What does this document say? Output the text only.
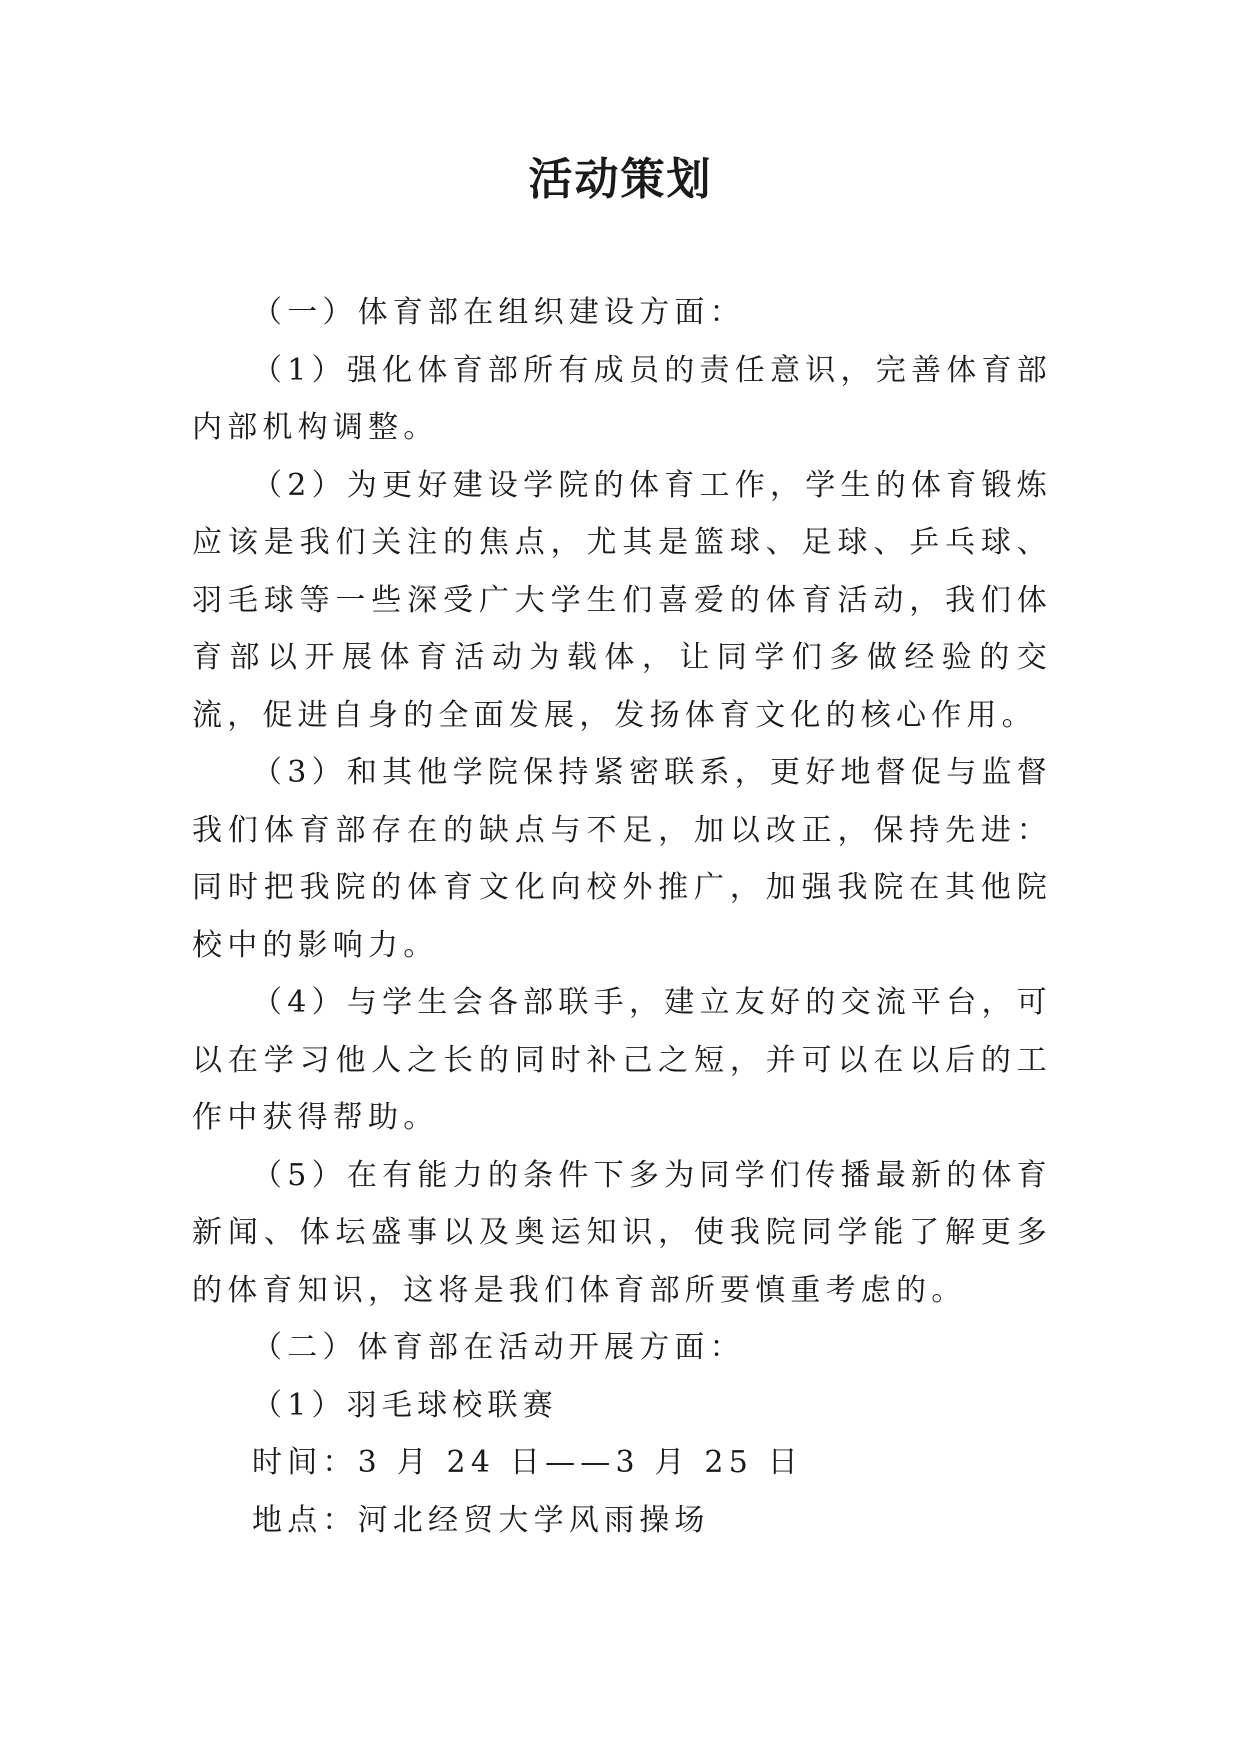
活动策划

（一）体育部在组织建设方面：

（1）强化体育部所有成员的责任意识，完善体育部内部机构调整。

（2）为更好建设学院的体育工作，学生的体育锻炼应该是我们关注的焦点，尤其是篮球、足球、乒乓球、羽毛球等一些深受广大学生们喜爱的体育活动，我们体育部以开展体育活动为载体，让同学们多做经验的交流，促进自身的全面发展，发扬体育文化的核心作用。

（3）和其他学院保持紧密联系，更好地督促与监督我们体育部存在的缺点与不足，加以改正，保持先进：同时把我院的体育文化向校外推广，加强我院在其他院校中的影响力。

（4）与学生会各部联手，建立友好的交流平台，可以在学习他人之长的同时补己之短，并可以在以后的工作中获得帮助。

（5）在有能力的条件下多为同学们传播最新的体育新闻、体坛盛事以及奥运知识，使我院同学能了解更多的体育知识，这将是我们体育部所要慎重考虑的。

（二）体育部在活动开展方面：

（1）羽毛球校联赛

时间：3 月 24 日——3 月 25 日

地点：河北经贸大学风雨操场
